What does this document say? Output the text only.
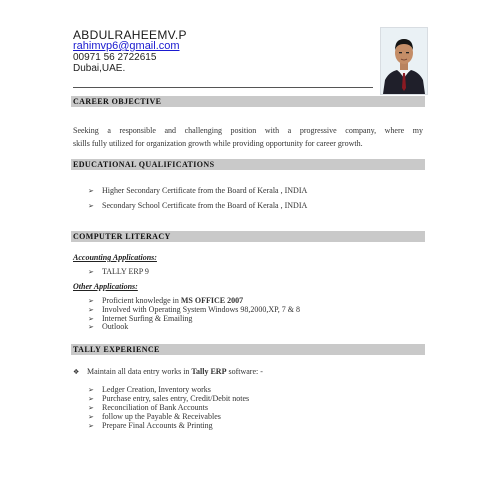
ABDULRAHEEMV.P
rahimvp6@gmail.com
00971 56 2722615
Dubai,UAE.
CAREER OBJECTIVE
Seeking a responsible and challenging position with a progressive company, where my
skills fully utilized for organization growth while providing opportunity for career growth.
EDUCATIONAL QUALIFICATIONS
➢ Higher Secondary Certificate from the Board of Kerala , INDIA
➢ Secondary School Certificate from the Board of Kerala , INDIA
COMPUTER LITERACY
Accounting Applications:
➢ TALLY ERP 9
Other Applications:
➢ Proficient knowledge in MS OFFICE 2007
➢ Involved with Operating System Windows 98,2000,XP, 7 & 8
➢ Internet Surfing & Emailing
➢ Outlook
TALLY EXPERIENCE
❖ Maintain all data entry works in Tally ERP software: -
➢ Ledger Creation, Inventory works
➢ Purchase entry, sales entry, Credit/Debit notes
➢ Reconciliation of Bank Accounts
➢ follow up the Payable & Receivables
➢ Prepare Final Accounts & Printing
